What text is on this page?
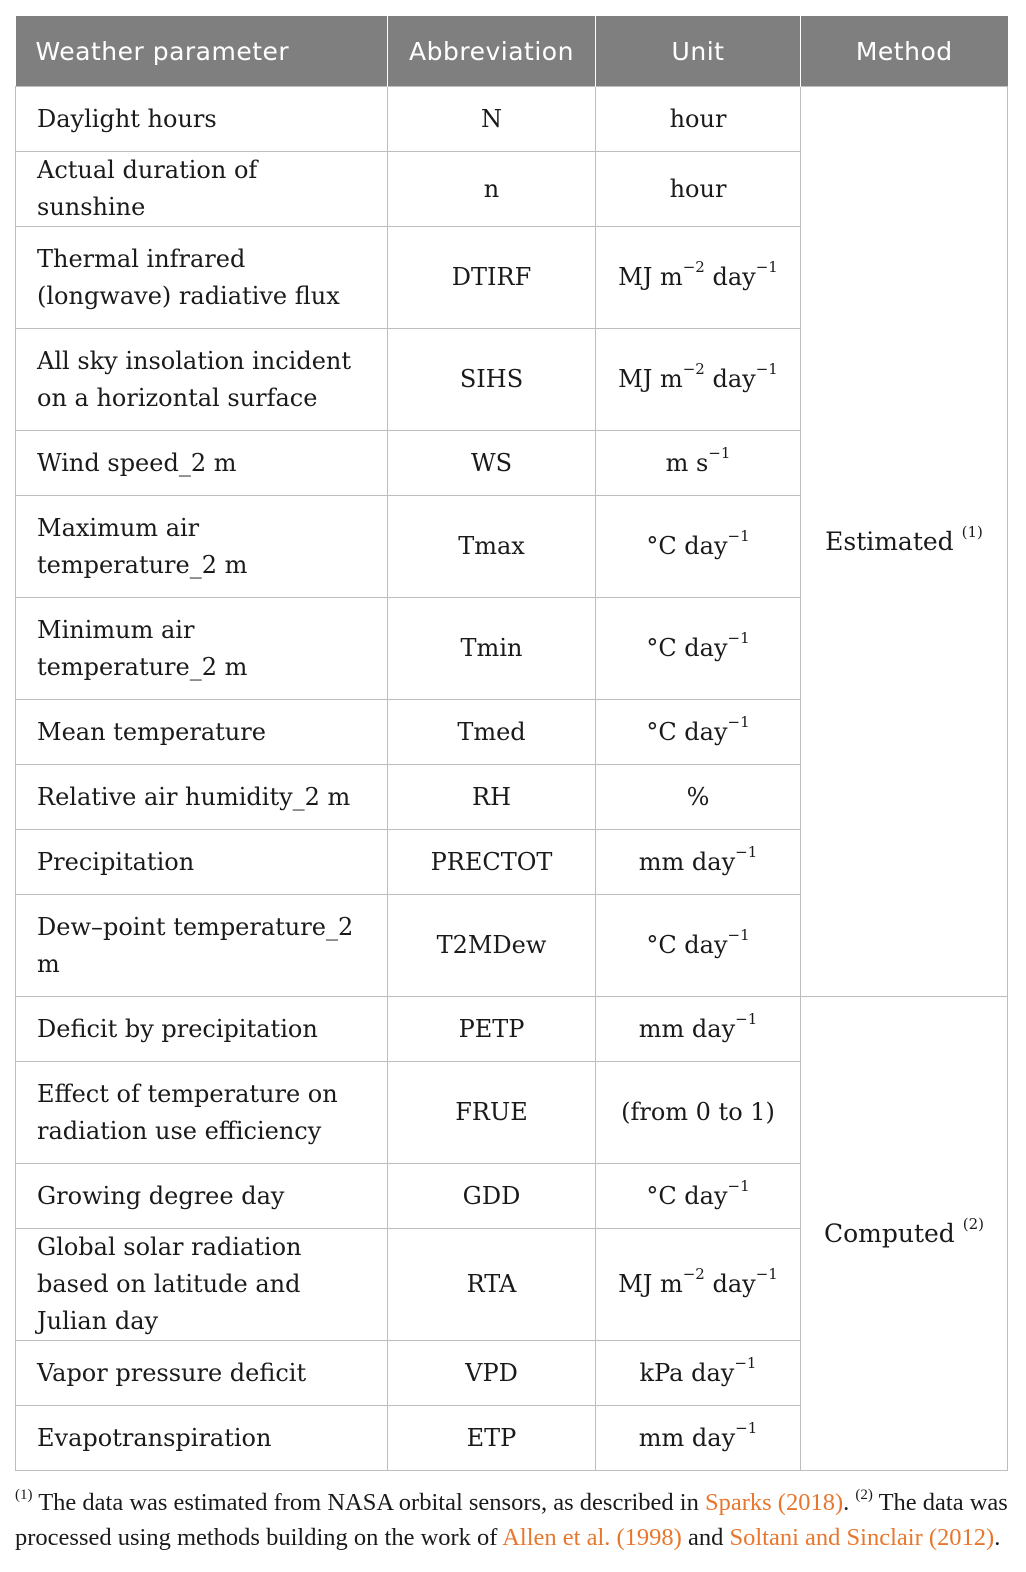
Weather parameter	Abbreviation	Unit	Method
Daylight hours	N	hour	Estimated $^{(1)}$
Actual duration of sunshine	n	hour	
Thermal infrared (longwave) radiative flux	DTIRF	MJ $m^{-2}$ day$^{-1}$
All sky insolation incident on a horizontal surface	SIHS	MJ $m^{-2}$ day$^{-1}$
Wind speed_2 m	WS	m $s^{-1}$
Maximum air temperature_2 m	Tmax	°C day$^{-1}$
Minimum air temperature_2 m	Tmin	°C day$^{-1}$
Mean temperature	Tmed	°C day$^{-1}$
Relative air humidity_2 m	RH	%	
Precipitation	PRECTOT	mm day$^{-1}$
Dew–point temperature_2 m	T2MDew	°C day$^{-1}$
Deficit by precipitation	PETP	mm day$^{-1}$	Computed $^{(2)}$
Effect of temperature on radiation use efficiency	FRUE	(from 0 to 1)	
Growing degree day	GDD	°C day$^{-1}$
Global solar radiation based on latitude and Julian day	RTA	MJ $m^{-2}$ day$^{-1}$
Vapor pressure deficit	VPD	kPa day$^{-1}$
Evapotranspiration	ETP	mm day$^{-1}$
$^{(1)}$ The data was estimated from NASA orbital sensors, as described in Sparks (2018). $^{(2)}$ The data was processed using methods building on the work of Allen et al. (1998) and Soltani and Sinclair (2012).
